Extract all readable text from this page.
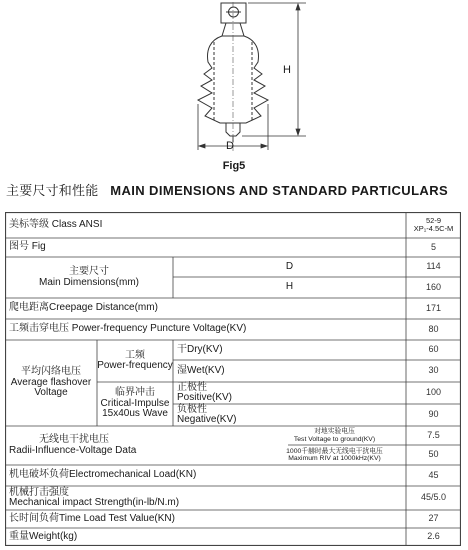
D
H
Fig5
主要尺寸和性能 MAIN DIMENSIONS AND STANDARD PARTICULARS
美标等级 Class ANSI	52-9
XP₁-4.5C-M
图号 Fig	5
主要尺寸
Main Dimensions(mm)
D	114
H	160
爬电距离Creepage Distance(mm)	171
工频击穿电压 Power-frequency Puncture Voltage(KV)	80
平均闪络电压
Average flashover
Voltage
工频
Power-frequency
干Dry(KV)	60
湿Wet(KV)	30
临界冲击
Critical-Impulse
15x40us Wave
正极性
Positive(KV)	100
负极性
Negative(KV)	90
无线电干扰电压
Radii-Influence-Voltage Data
对地实验电压
Test Voltage to ground(KV)	7.5
1000千赫时最大无线电干扰电压
Maximum RIV at 1000kHz(KV)	50
机电破坏负荷Electromechanical Load(KN)	45
机械打击强度
Mechanical impact Strength(in-lb/N.m)	45/5.0
长时间负荷Time Load Test Value(KN)	27
重量Weight(kg)	2.6
